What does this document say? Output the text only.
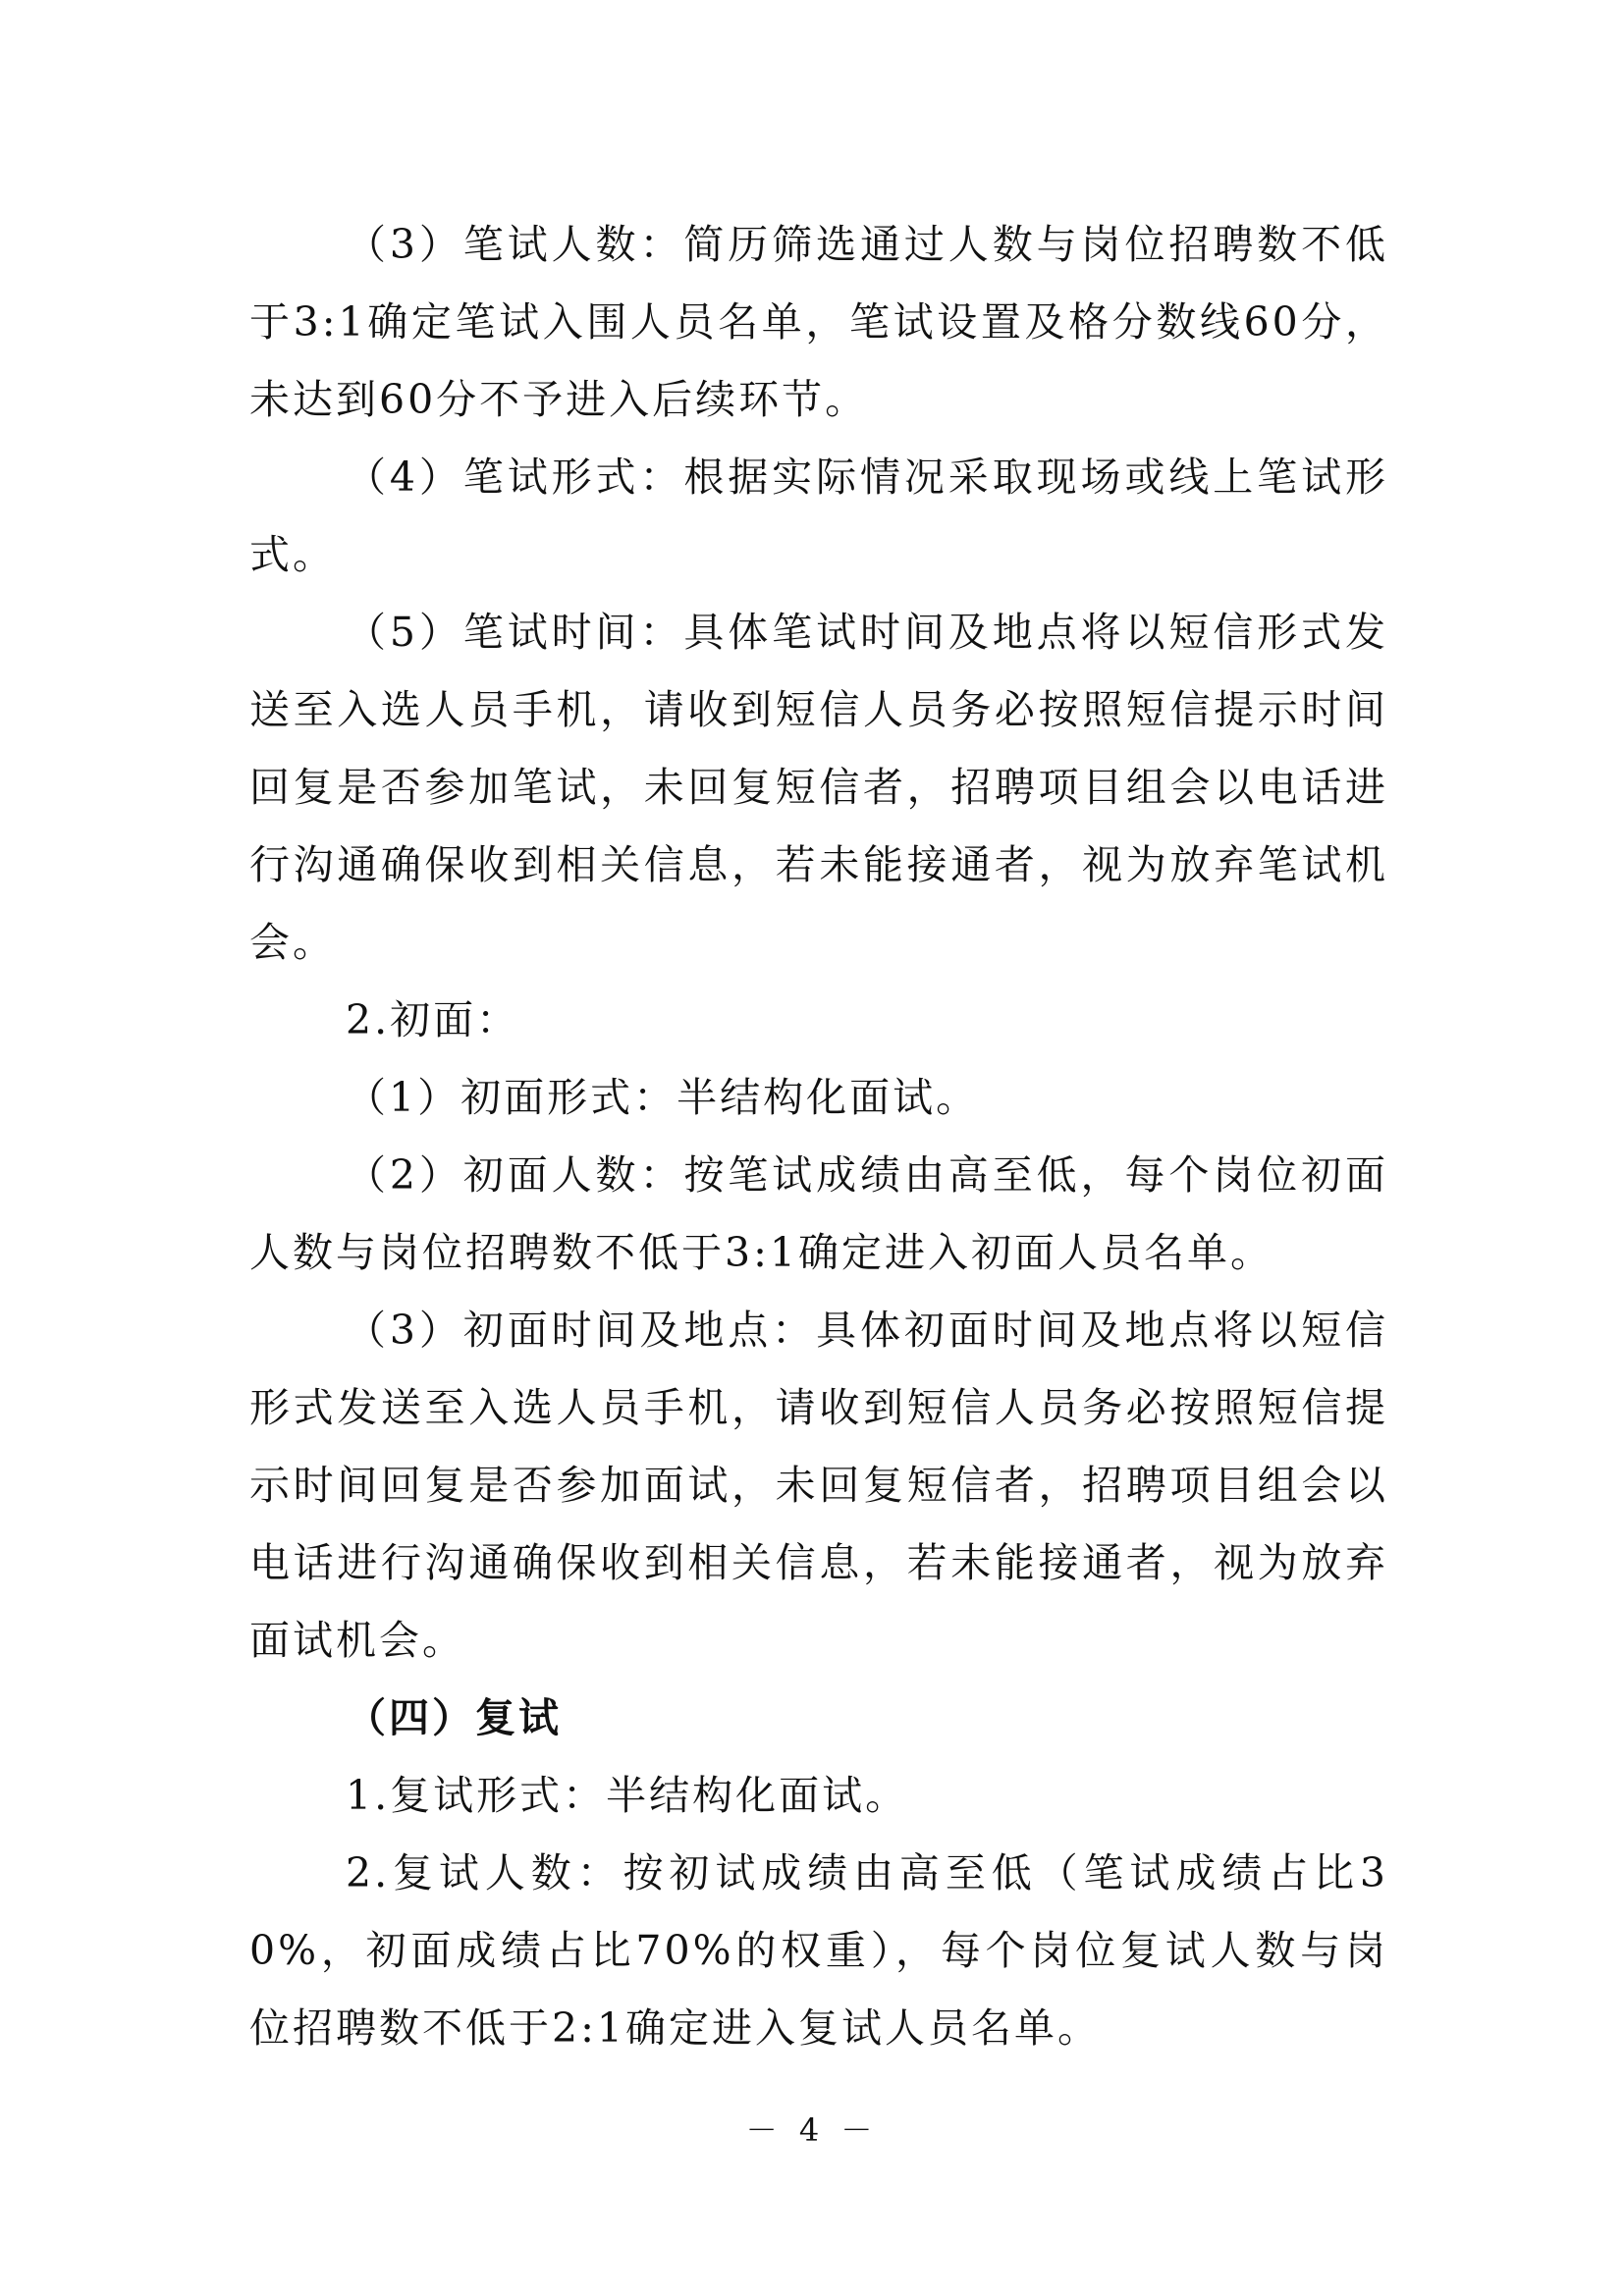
（3）笔试人数：简历筛选通过人数与岗位招聘数不低于3:1确定笔试入围人员名单，笔试设置及格分数线60分，未达到60分不予进入后续环节。

（4）笔试形式：根据实际情况采取现场或线上笔试形式。

（5）笔试时间：具体笔试时间及地点将以短信形式发送至入选人员手机，请收到短信人员务必按照短信提示时间回复是否参加笔试，未回复短信者，招聘项目组会以电话进行沟通确保收到相关信息，若未能接通者，视为放弃笔试机会。

2.初面：

（1）初面形式：半结构化面试。

（2）初面人数：按笔试成绩由高至低，每个岗位初面人数与岗位招聘数不低于3:1确定进入初面人员名单。

（3）初面时间及地点：具体初面时间及地点将以短信形式发送至入选人员手机，请收到短信人员务必按照短信提示时间回复是否参加面试，未回复短信者，招聘项目组会以电话进行沟通确保收到相关信息，若未能接通者，视为放弃面试机会。

（四）复试

1.复试形式：半结构化面试。

2.复试人数：按初试成绩由高至低（笔试成绩占比30%，初面成绩占比70%的权重），每个岗位复试人数与岗位招聘数不低于2:1确定进入复试人员名单。

－ 4 －
